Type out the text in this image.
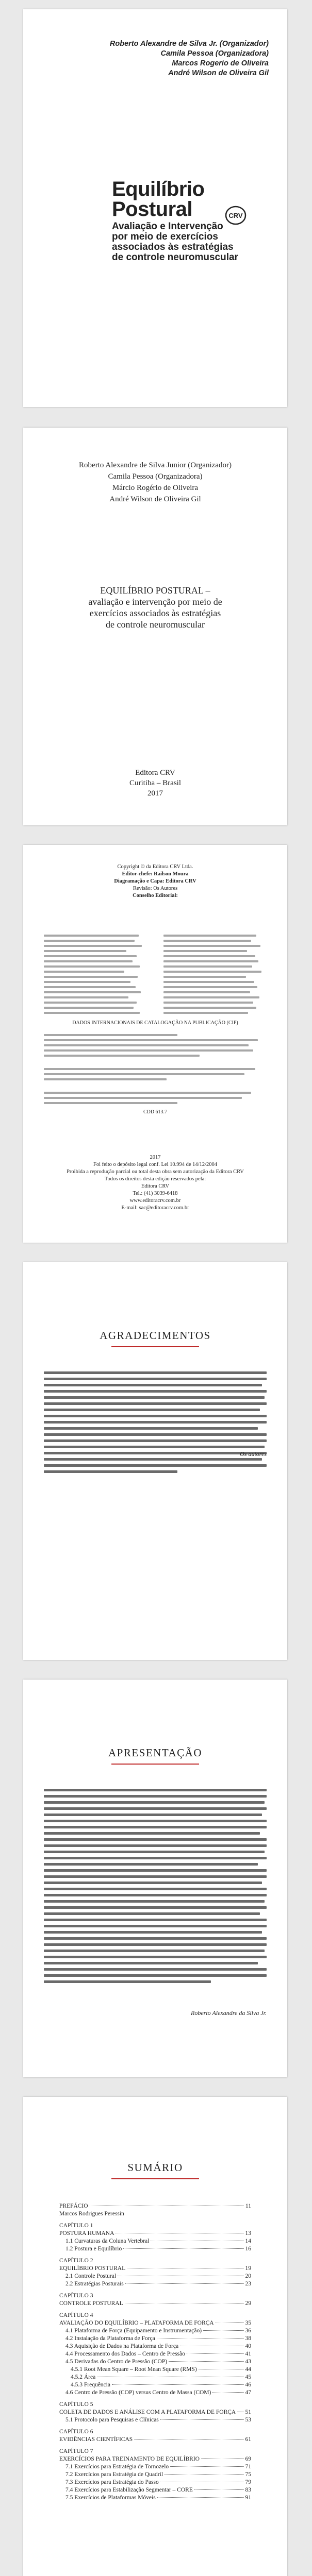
Roberto Alexandre de Silva Jr. (Organizador)
Camila Pessoa (Organizadora)
Marcos Rogerio de Oliveira
André Wilson de Oliveira Gil
Equilíbrio
Postural
Avaliação e Intervenção
por meio de exercícios
associados às estratégias
de controle neuromuscular
CRV
Roberto Alexandre de Silva Junior (Organizador)
Camila Pessoa (Organizadora)
Márcio Rogério de Oliveira
André Wilson de Oliveira Gil
EQUILÍBRIO POSTURAL –
avaliação e intervenção por meio de
exercícios associados às estratégias
de controle neuromuscular
Editora CRV
Curitiba – Brasil
2017
Copyright © da Editora CRV Ltda.
Editor-chefe: Railson Moura
Diagramação e Capa: Editora CRV
Revisão: Os Autores
Conselho Editorial:
DADOS INTERNACIONAIS DE CATALOGAÇÃO NA PUBLICAÇÃO (CIP)
CDD 613.7
2017
Foi feito o depósito legal conf. Lei 10.994 de 14/12/2004
Proibida a reprodução parcial ou total desta obra sem autorização da Editora CRV
Todos os direitos desta edição reservados pela:
Editora CRV
Tel.: (41) 3039-6418
www.editoracrv.com.br
E-mail: sac@editoracrv.com.br
AGRADECIMENTOS
Os autores
APRESENTAÇÃO
Roberto Alexandre da Silva Jr.
SUMÁRIO
PREFÁCIO	11
Marcos Rodrigues Peressin
CAPÍTULO 1
POSTURA HUMANA	13
1.1 Curvaturas da Coluna Vertebral	14
1.2 Postura e Equilíbrio	16
CAPÍTULO 2
EQUILÍBRIO POSTURAL	19
2.1 Controle Postural	20
2.2 Estratégias Posturais	23
CAPÍTULO 3
CONTROLE POSTURAL	29
CAPÍTULO 4
AVALIAÇÃO DO EQUILÍBRIO – PLATAFORMA DE FORÇA	35
4.1 Plataforma de Força (Equipamento e Instrumentação)	36
4.2 Instalação da Plataforma de Força	38
4.3 Aquisição de Dados na Plataforma de Força	40
4.4 Processamento dos Dados – Centro de Pressão	41
4.5 Derivadas do Centro de Pressão (COP)	43
4.5.1 Root Mean Square – Root Mean Square (RMS)	44
4.5.2 Área	45
4.5.3 Frequência	46
4.6 Centro de Pressão (COP) versus Centro de Massa (COM)	47
CAPÍTULO 5
COLETA DE DADOS E ANÁLISE COM A PLATAFORMA DE FORÇA 51
5.1 Protocolo para Pesquisas e Clínicas	53
CAPÍTULO 6
EVIDÊNCIAS CIENTÍFICAS	61
CAPÍTULO 7
EXERCÍCIOS PARA TREINAMENTO DE EQUILÍBRIO	69
7.1 Exercícios para Estratégia de Tornozelo	71
7.2 Exercícios para Estratégia de Quadril	75
7.3 Exercícios para Estratégia do Passo	79
7.4 Exercícios para Estabilização Segmentar – CORE	83
7.5 Exercícios de Plataformas Móveis	91
